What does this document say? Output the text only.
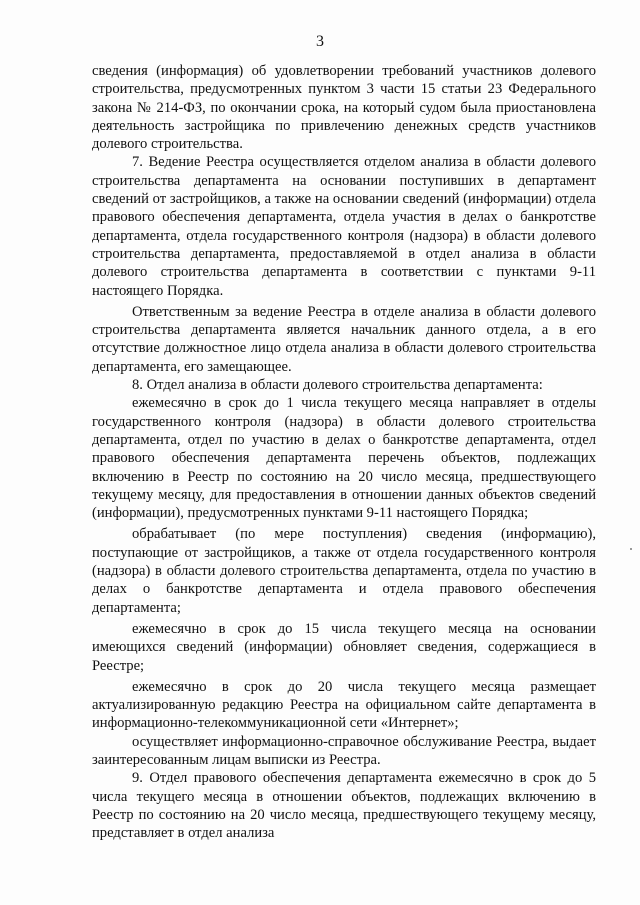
3

сведения (информация) об удовлетворении требований участников долевого строительства, предусмотренных пунктом 3 части 15 статьи 23 Федерального закона № 214-ФЗ, по окончании срока, на который судом была приостановлена деятельность застройщика по привлечению денежных средств участников долевого строительства.

7. Ведение Реестра осуществляется отделом анализа в области долевого строительства департамента на основании поступивших в департамент сведений от застройщиков, а также на основании сведений (информации) отдела правового обеспечения департамента, отдела участия в делах о банкротстве департамента, отдела государственного контроля (надзора) в области долевого строительства департамента, предоставляемой в отдел анализа в области долевого строительства департамента в соответствии с пунктами 9-11 настоящего Порядка.

Ответственным за ведение Реестра в отделе анализа в области долевого строительства департамента является начальник данного отдела, а в его отсутствие должностное лицо отдела анализа в области долевого строительства департамента, его замещающее.

8. Отдел анализа в области долевого строительства департамента:

ежемесячно в срок до 1 числа текущего месяца направляет в отделы государственного контроля (надзора) в области долевого строительства департамента, отдел по участию в делах о банкротстве департамента, отдел правового обеспечения департамента перечень объектов, подлежащих включению в Реестр по состоянию на 20 число месяца, предшествующего текущему месяцу, для предоставления в отношении данных объектов сведений (информации), предусмотренных пунктами 9-11 настоящего Порядка;

обрабатывает (по мере поступления) сведения (информацию), поступающие от застройщиков, а также от отдела государственного контроля (надзора) в области долевого строительства департамента, отдела по участию в делах о банкротстве департамента и отдела правового обеспечения департамента;

ежемесячно в срок до 15 числа текущего месяца на основании имеющихся сведений (информации) обновляет сведения, содержащиеся в Реестре;

ежемесячно в срок до 20 числа текущего месяца размещает актуализированную редакцию Реестра на официальном сайте департамента в информационно-телекоммуникационной сети «Интернет»;

осуществляет информационно-справочное обслуживание Реестра, выдает заинтересованным лицам выписки из Реестра.

9. Отдел правового обеспечения департамента ежемесячно в срок до 5 числа текущего месяца в отношении объектов, подлежащих включению в Реестр по состоянию на 20 число месяца, предшествующего текущему месяцу, представляет в отдел анализа
